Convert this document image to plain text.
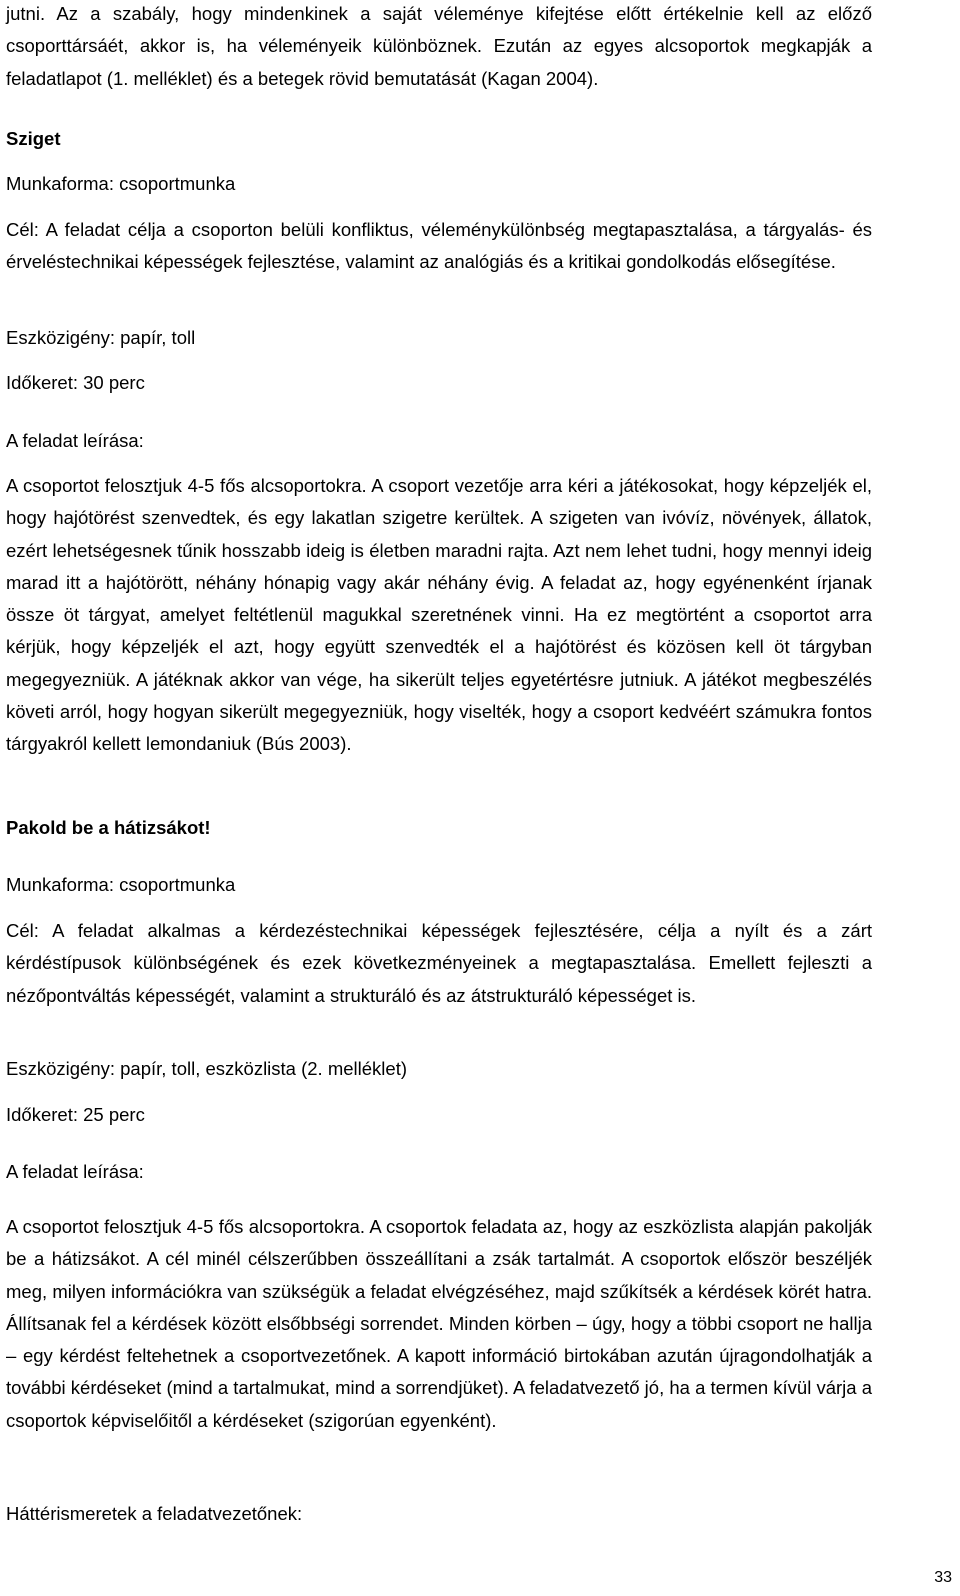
jutni. Az a szabály, hogy mindenkinek a saját véleménye kifejtése előtt értékelnie kell az előző csoporttársáét, akkor is, ha véleményeik különböznek. Ezután az egyes alcsoportok megkapják a feladatlapot (1. melléklet) és a betegek rövid bemutatását (Kagan 2004).

Sziget

Munkaforma: csoportmunka

Cél: A feladat célja a csoporton belüli konfliktus, véleménykülönbség megtapasztalása, a tárgyalás- és érveléstechnikai képességek fejlesztése, valamint az analógiás és a kritikai gondolkodás elősegítése.

Eszközigény: papír, toll

Időkeret: 30 perc

A feladat leírása:

A csoportot felosztjuk 4-5 fős alcsoportokra. A csoport vezetője arra kéri a játékosokat, hogy képzeljék el, hogy hajótörést szenvedtek, és egy lakatlan szigetre kerültek. A szigeten van ivóvíz, növények, állatok, ezért lehetségesnek tűnik hosszabb ideig is életben maradni rajta. Azt nem lehet tudni, hogy mennyi ideig marad itt a hajótörött, néhány hónapig vagy akár néhány évig. A feladat az, hogy egyénenként írjanak össze öt tárgyat, amelyet feltétlenül magukkal szeretnének vinni. Ha ez megtörtént a csoportot arra kérjük, hogy képzeljék el azt, hogy együtt szenvedték el a hajótörést és közösen kell öt tárgyban megegyezniük. A játéknak akkor van vége, ha sikerült teljes egyetértésre jutniuk. A játékot megbeszélés követi arról, hogy hogyan sikerült megegyezniük, hogy viselték, hogy a csoport kedvéért számukra fontos tárgyakról kellett lemondaniuk (Bús 2003).

Pakold be a hátizsákot!

Munkaforma: csoportmunka

Cél: A feladat alkalmas a kérdezéstechnikai képességek fejlesztésére, célja a nyílt és a zárt kérdéstípusok különbségének és ezek következményeinek a megtapasztalása. Emellett fejleszti a nézőpontváltás képességét, valamint a strukturáló és az átstrukturáló képességet is.

Eszközigény: papír, toll, eszközlista (2. melléklet)

Időkeret: 25 perc

A feladat leírása:

A csoportot felosztjuk 4-5 fős alcsoportokra. A csoportok feladata az, hogy az eszközlista alapján pakolják be a hátizsákot. A cél minél célszerűbben összeállítani a zsák tartalmát. A csoportok először beszéljék meg, milyen információkra van szükségük a feladat elvégzéséhez, majd szűkítsék a kérdések körét hatra. Állítsanak fel a kérdések között elsőbbségi sorrendet. Minden körben – úgy, hogy a többi csoport ne hallja – egy kérdést feltehetnek a csoportvezetőnek. A kapott információ birtokában azután újragondolhatják a további kérdéseket (mind a tartalmukat, mind a sorrendjüket). A feladatvezető jó, ha a termen kívül várja a csoportok képviselőitől a kérdéseket (szigorúan egyenként).

Háttérismeretek a feladatvezetőnek:

33
